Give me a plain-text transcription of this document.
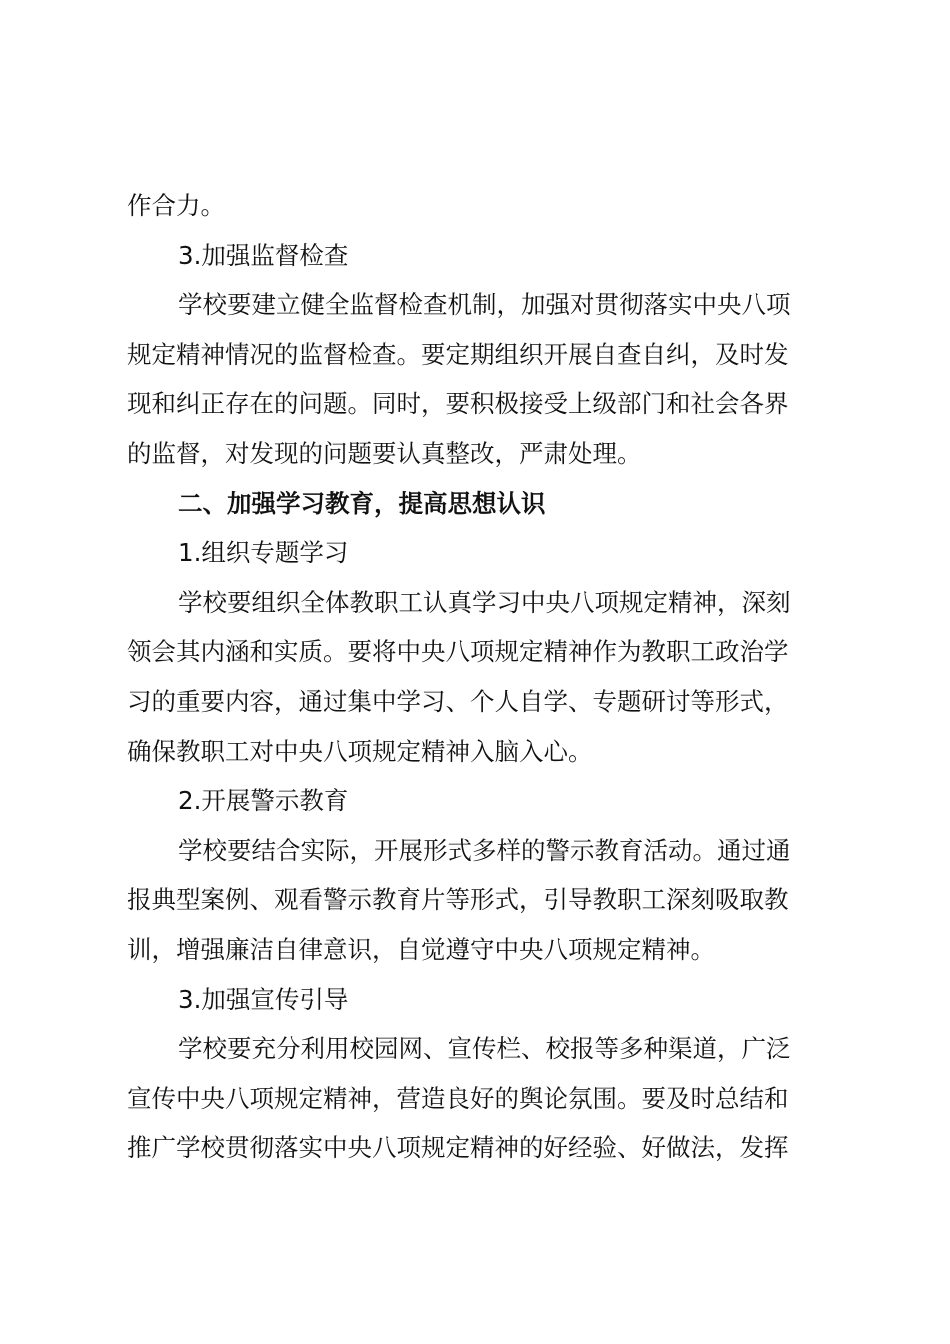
作合力。
3.加强监督检查
学校要建立健全监督检查机制，加强对贯彻落实中央八项
规定精神情况的监督检查。要定期组织开展自查自纠，及时发
现和纠正存在的问题。同时，要积极接受上级部门和社会各界
的监督，对发现的问题要认真整改，严肃处理。
二、加强学习教育，提高思想认识
1.组织专题学习
学校要组织全体教职工认真学习中央八项规定精神，深刻
领会其内涵和实质。要将中央八项规定精神作为教职工政治学
习的重要内容，通过集中学习、个人自学、专题研讨等形式，
确保教职工对中央八项规定精神入脑入心。
2.开展警示教育
学校要结合实际，开展形式多样的警示教育活动。通过通
报典型案例、观看警示教育片等形式，引导教职工深刻吸取教
训，增强廉洁自律意识，自觉遵守中央八项规定精神。
3.加强宣传引导
学校要充分利用校园网、宣传栏、校报等多种渠道，广泛
宣传中央八项规定精神，营造良好的舆论氛围。要及时总结和
推广学校贯彻落实中央八项规定精神的好经验、好做法，发挥
